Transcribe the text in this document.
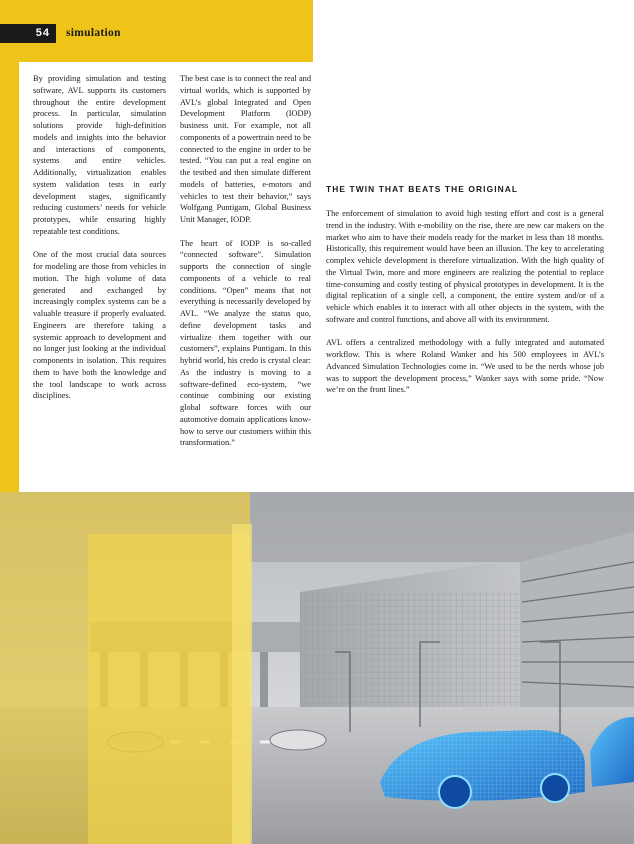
54	simulation

By providing simulation and testing software, AVL supports its customers throughout the entire development process. In particular, simulation solutions provide high-definition models and insights into the behavior and interactions of components, systems and entire vehicles. Additionally, virtualization enables system validation tests in early development stages, significantly reducing customers’ needs for vehicle prototypes, while ensuring highly repeatable test conditions.

One of the most crucial data sources for modeling are those from vehicles in motion. The high volume of data generated and exchanged by increasingly complex systems can be a valuable treasure if properly evaluated. Engineers are therefore taking a systemic approach to development and no longer just looking at the individual components in isolation. This requires them to have both the knowledge and the tool landscape to work across disciplines.

The best case is to connect the real and virtual worlds, which is supported by AVL’s global Integrated and Open Development Platform (IODP) business unit. For example, not all components of a powertrain need to be connected to the engine in order to be tested. “You can put a real engine on the testbed and then simulate different models of batteries, e-motors and vehicles to test their behavior,” says Wolfgang Puntigam, Global Business Unit Manager, IODP.

The heart of IODP is so-called “connected software”. Simulation supports the connection of single components of a vehicle to real conditions. “Open” means that not everything is necessarily developed by AVL. “We analyze the status quo, define development tasks and virtualize them together with our customers”, explains Puntigam. In this hybrid world, his credo is crystal clear: As the industry is moving to a software-defined eco-system, “we continue combining our existing global software forces with our automotive domain applications know-how to serve our customers within this transformation.”

THE TWIN THAT BEATS THE ORIGINAL

The enforcement of simulation to avoid high testing effort and cost is a general trend in the industry. With e-mobility on the rise, there are new car makers on the market who aim to have their models ready for the market in less than 18 months. Historically, this requirement would have been an illusion. The key to accelerating complex vehicle development is therefore virtualization. With the high quality of the Virtual Twin, more and more engineers are realizing the potential to replace time-consuming and costly testing of physical prototypes in development. It is the digital replication of a single cell, a component, the entire system and/or of a vehicle which enables it to interact with all other objects in the system, with the software and control functions, and above all with its environment.

AVL offers a centralized methodology with a fully integrated and automated workflow. This is where Roland Wanker and his 500 employees in AVL’s Advanced Simulation Technologies come in. “We used to be the nerds whose job was to support the development process,” Wanker says with some pride. “Now we’re on the front lines.”
